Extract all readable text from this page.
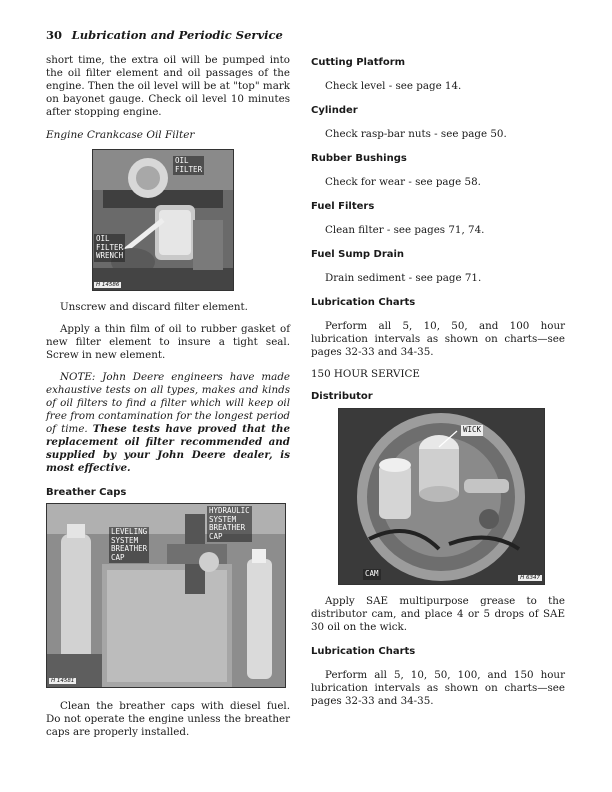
30 Lubrication and Periodic Service

short time, the extra oil will be pumped into the oil filter element and oil passages of the engine. Then the oil level will be at "top" mark on bayonet gauge. Check oil level 10 minutes after stopping engine.

Engine Crankcase Oil Filter

OIL
FILTER
OIL
FILTER
WRENCH
H 14586

Unscrew and discard filter element.

Apply a thin film of oil to rubber gasket of new filter element to insure a tight seal. Screw in new element.

NOTE: John Deere engineers have made exhaustive tests on all types, makes and kinds of oil filters to find a filter which will keep oil free from contamination for the longest period of time. These tests have proved that the replacement oil filter recommended and supplied by your John Deere dealer, is most effective.

Breather Caps

HYDRAULIC
SYSTEM
BREATHER
CAP
LEVELING
SYSTEM
BREATHER
CAP
H 14581

Clean the breather caps with diesel fuel. Do not operate the engine unless the breather caps are properly installed.

Cutting Platform

Check level - see page 14.

Cylinder

Check rasp-bar nuts - see page 50.

Rubber Bushings

Check for wear - see page 58.

Fuel Filters

Clean filter - see pages 71, 74.

Fuel Sump Drain

Drain sediment - see page 71.

Lubrication Charts

Perform all 5, 10, 50, and 100 hour lubrication intervals as shown on charts—see pages 32-33 and 34-35.

150 HOUR SERVICE

Distributor

WICK
CAM	H 6347

Apply SAE multipurpose grease to the distributor cam, and place 4 or 5 drops of SAE 30 oil on the wick.

Lubrication Charts

Perform all 5, 10, 50, 100, and 150 hour lubrication intervals as shown on charts—see pages 32-33 and 34-35.
